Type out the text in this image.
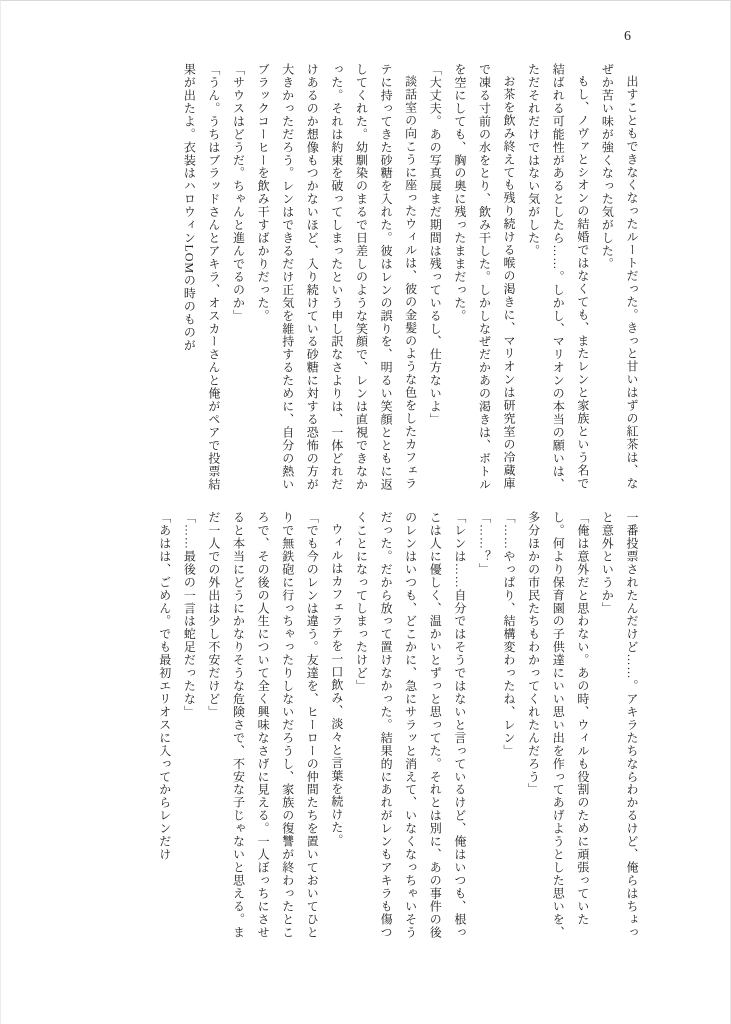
6

出すこともできなくなったルートだった。きっと甘いはずの紅茶は、なぜか苦い味が強くなった気がした。

もし、ノヴァとシオンの結婚ではなくても、またレンと家族という名で結ばれる可能性があるとしたら……。しかし、マリオンの本当の願いは、ただそれだけではない気がした。

お茶を飲み終えても残り続ける喉の渇きに、マリオンは研究室の冷蔵庫で凍る寸前の水をとり、飲み干した。しかしなぜだかあの渇きは、ボトルを空にしても、胸の奥に残ったままだった。

「大丈夫。あの写真展まだ期間は残っているし、仕方ないよ」

談話室の向こうに座ったウィルは、彼の金髪のような色をしたカフェラテに持ってきた砂糖を入れた。彼はレンの誤りを、明るい笑顔とともに返してくれた。幼馴染のまるで日差しのような笑顔で、レンは直視できなかった。それは約束を破ってしまったという申し訳なさよりは、一体どれだけあるのか想像もつかないほど、入り続けている砂糖に対する恐怖の方が大きかっただろう。レンはできるだけ正気を維持するために、自分の熱いブラックコーヒーを飲み干すばかりだった。

「サウスはどうだ。ちゃんと進んでるのか」

「うん。うちはブラッドさんとアキラ、オスカーさんと俺がペアで投票結果が出たよ。衣装はハロウィンLOMの時のものが

一番投票されたんだけど……。アキラたちならわかるけど、俺らはちょっと意外というか」

「俺は意外だと思わない。あの時、ウィルも役割のために頑張っていたし。何より保育園の子供達にいい思い出を作ってあげようとした思いを、多分ほかの市民たちもわかってくれたんだろう」

「……やっぱり、結構変わったね、レン」

「……？」

「レンは……自分ではそうではないと言っているけど、俺はいつも、根っこは人に優しく、温かいとずっと思ってた。それとは別に、あの事件の後のレンはいつも、どこかに、急にサラッと消えて、いなくなっちゃいそうだった。だから放って置けなかった。結果的にあれがレンもアキラも傷つくことになってしまったけど」

ウィルはカフェラテを一口飲み、淡々と言葉を続けた。

「でも今のレンは違う。友達を、ヒーローの仲間たちを置いておいてひとりで無鉄砲に行っちゃったりしないだろうし、家族の復讐が終わったところで、その後の人生について全く興味なさげに見える。一人ぼっちにさせると本当にどうにかなりそうな危険さで、不安な子じゃないと思える。まだ一人での外出は少し不安だけど」

「……最後の一言は蛇足だったな」

「あはは、ごめん。でも最初エリオスに入ってからレンだけ
